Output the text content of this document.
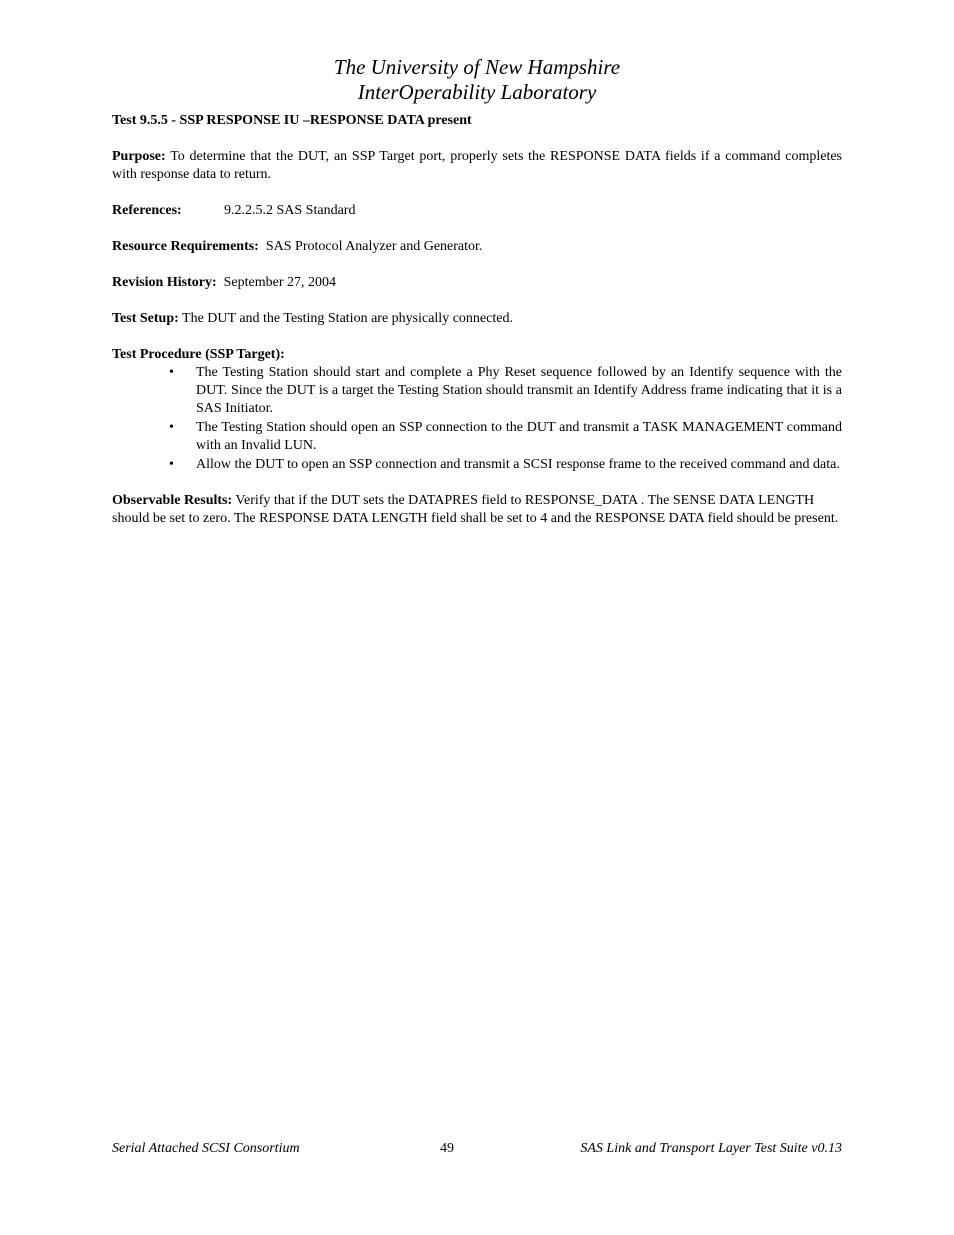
The University of New Hampshire
InterOperability Laboratory

Test 9.5.5 - SSP RESPONSE IU –RESPONSE DATA present

Purpose: To determine that the DUT, an SSP Target port, properly sets the RESPONSE DATA fields if a command completes with response data to return.

References:	9.2.2.5.2 SAS Standard

Resource Requirements:  SAS Protocol Analyzer and Generator.

Revision History:  September 27, 2004

Test Setup: The DUT and the Testing Station are physically connected.

Test Procedure (SSP Target):

• The Testing Station should start and complete a Phy Reset sequence followed by an Identify sequence with the DUT. Since the DUT is a target the Testing Station should transmit an Identify Address frame indicating that it is a SAS Initiator.
• The Testing Station should open an SSP connection to the DUT and transmit a TASK MANAGEMENT command with an Invalid LUN.
• Allow the DUT to open an SSP connection and transmit a SCSI response frame to the received command and data.

Observable Results: Verify that if the DUT sets the DATAPRES field to RESPONSE_DATA . The SENSE DATA LENGTH should be set to zero. The RESPONSE DATA LENGTH field shall be set to 4 and the RESPONSE DATA field should be present.

Serial Attached SCSI Consortium	49	SAS Link and Transport Layer Test Suite v0.13
